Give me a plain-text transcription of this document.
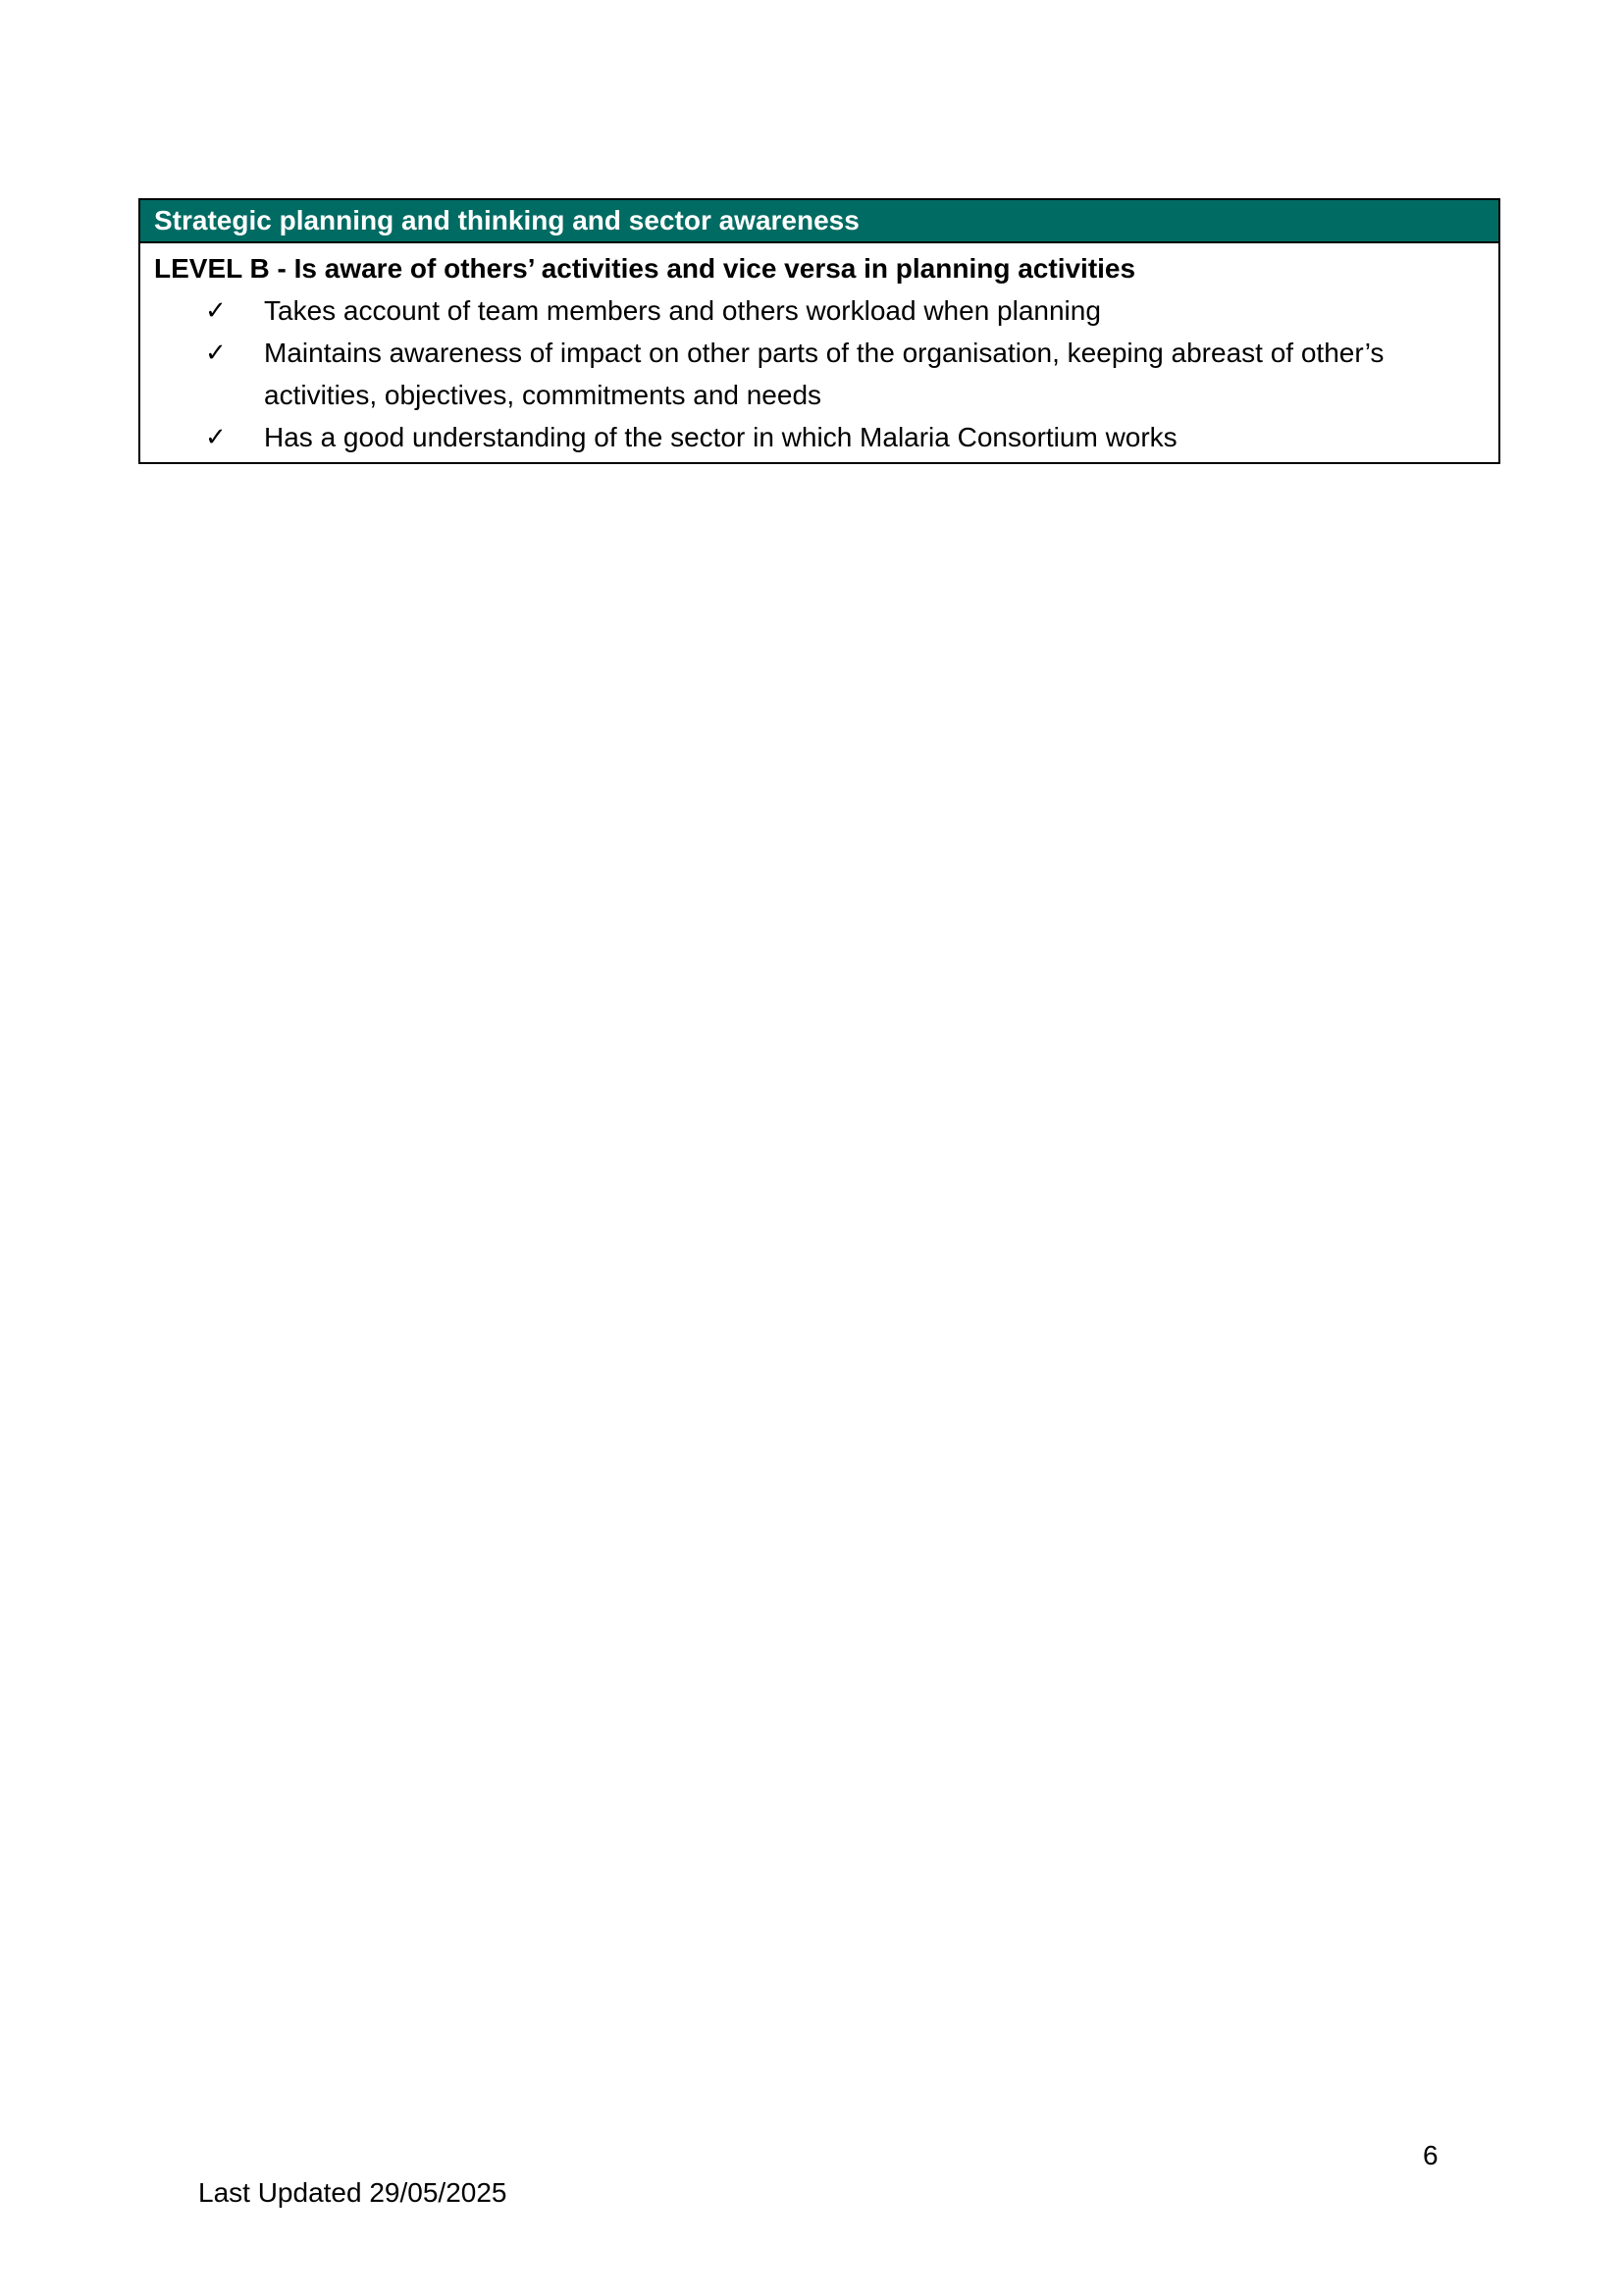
Strategic planning and thinking and sector awareness
LEVEL B - Is aware of others’ activities and vice versa in planning activities
✓	Takes account of team members and others workload when planning
✓	Maintains awareness of impact on other parts of the organisation, keeping abreast of other’s activities, objectives, commitments and needs
✓	Has a good understanding of the sector in which Malaria Consortium works
6
Last Updated 29/05/2025
